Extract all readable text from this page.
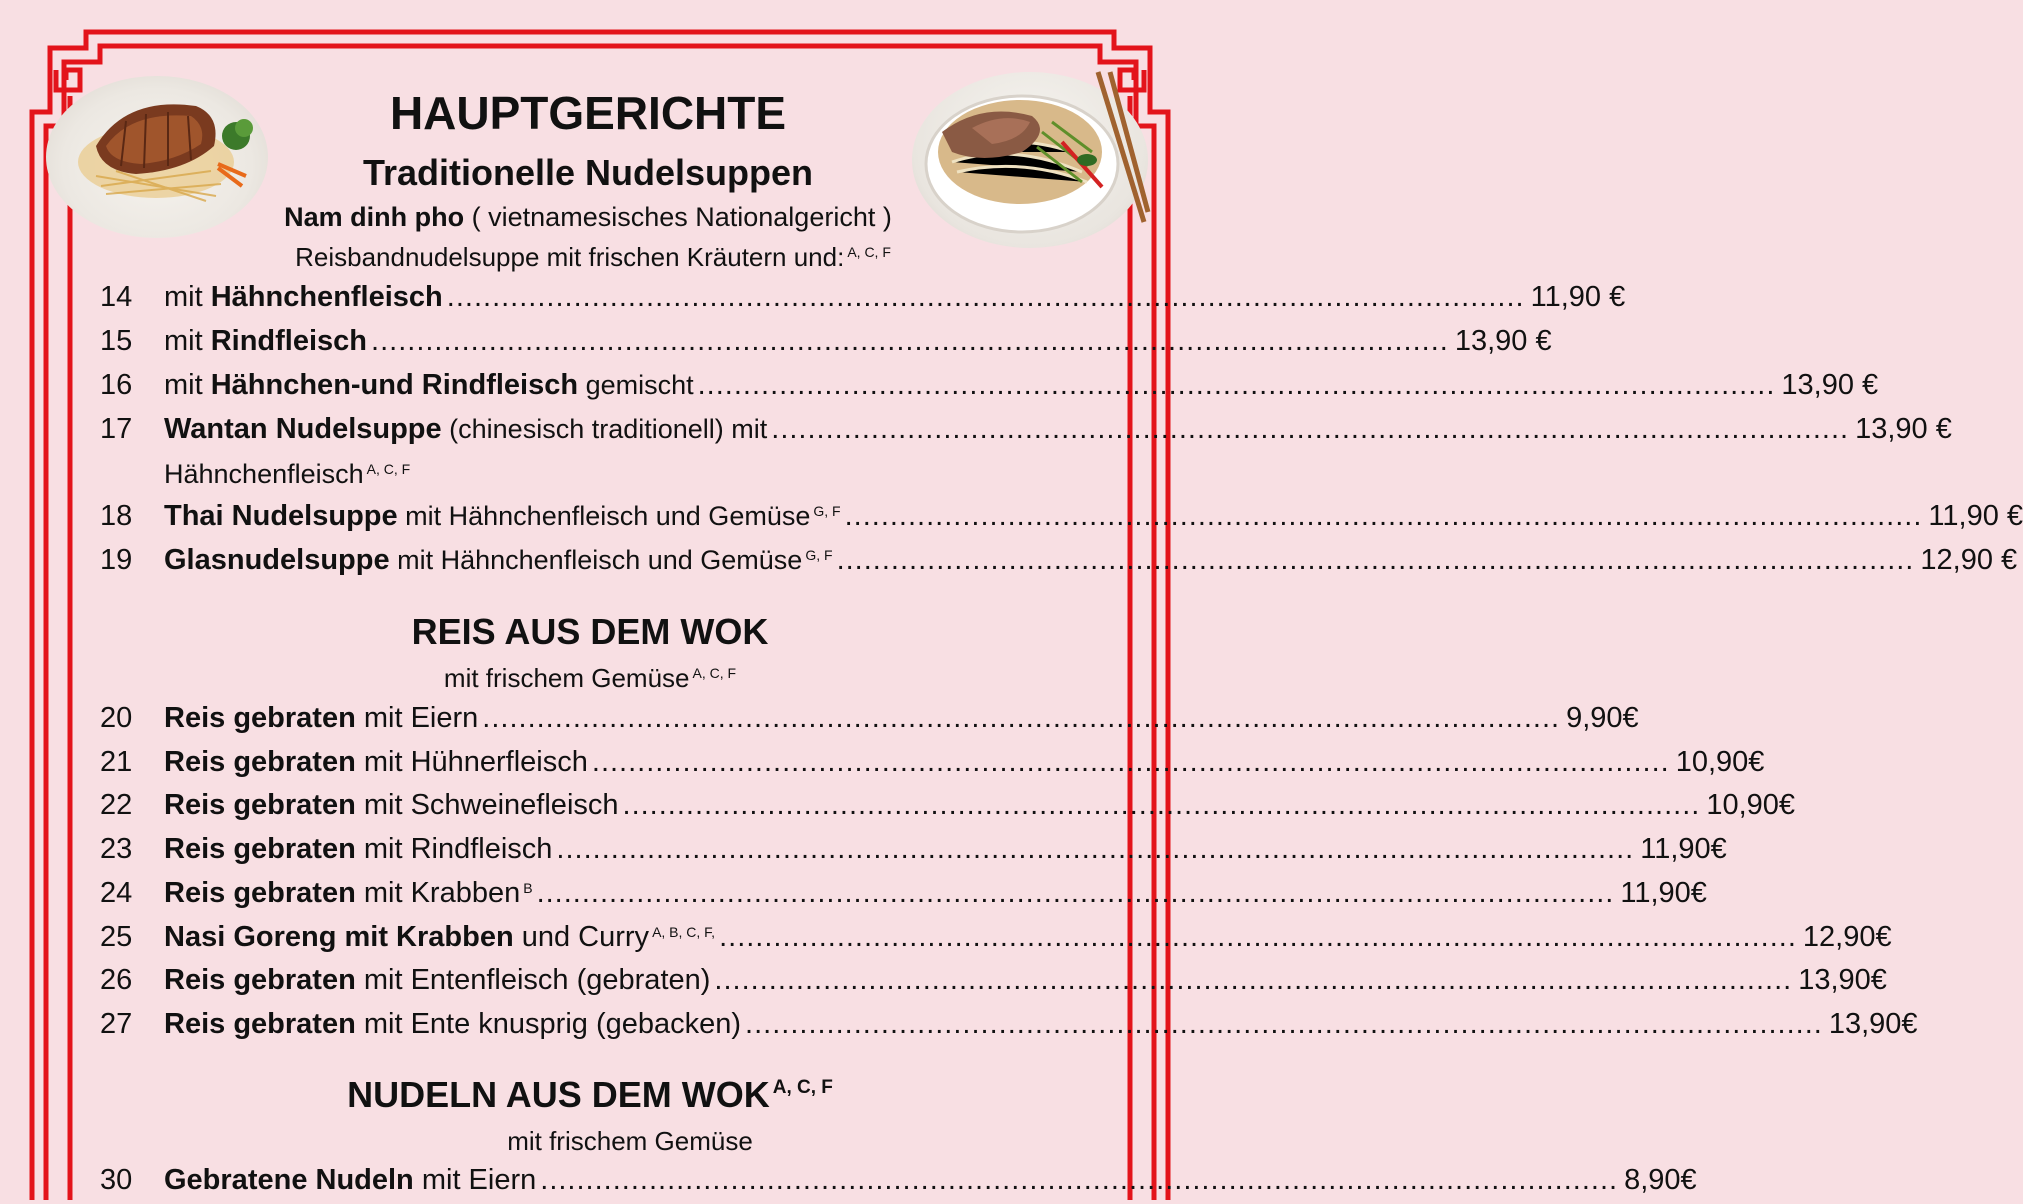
HAUPTGERICHTE
Traditionelle Nudelsuppen
Nam dinh pho ( vietnamesisches Nationalgericht )
Reisbandnudelsuppe mit frischen Kräutern und: $^{A, C, F}$
14	mit Hähnchenfleisch ....................................................................................................................... 11,90 €
15	mit Rindfleisch ....................................................................................................................... 13,90 €
16	mit Hähnchen-und Rindfleisch gemischt ....................................................................................................................... 13,90 €
17	Wantan Nudelsuppe (chinesisch traditionell) mit ....................................................................................................................... 13,90 €
Hähnchenfleisch $^{A, C, F}$
18	Thai Nudelsuppe mit Hähnchenfleisch und Gemüse $^{G, F}$ ....................................................................................................................... 11,90 €
19	Glasnudelsuppe mit Hähnchenfleisch und Gemüse $^{G, F}$ ....................................................................................................................... 12,90 €
REIS AUS DEM WOK
mit frischem Gemüse $^{A, C, F}$
20	Reis gebraten mit Eiern ....................................................................................................................... 9,90€
21	Reis gebraten mit Hühnerfleisch ....................................................................................................................... 10,90€
22	Reis gebraten mit Schweinefleisch ....................................................................................................................... 10,90€
23	Reis gebraten mit Rindfleisch ....................................................................................................................... 11,90€
24	Reis gebraten mit Krabben $^B$ ....................................................................................................................... 11,90€
25	Nasi Goreng mit Krabben und Curry $^{A, B, C, F,}$ ....................................................................................................................... 12,90€
26	Reis gebraten mit Entenfleisch (gebraten) ....................................................................................................................... 13,90€
27	Reis gebraten mit Ente knusprig (gebacken) ....................................................................................................................... 13,90€
NUDELN AUS DEM WOK $^{A, C, F}$
mit frischem Gemüse
30	Gebratene Nudeln mit Eiern ....................................................................................................................... 8,90€
